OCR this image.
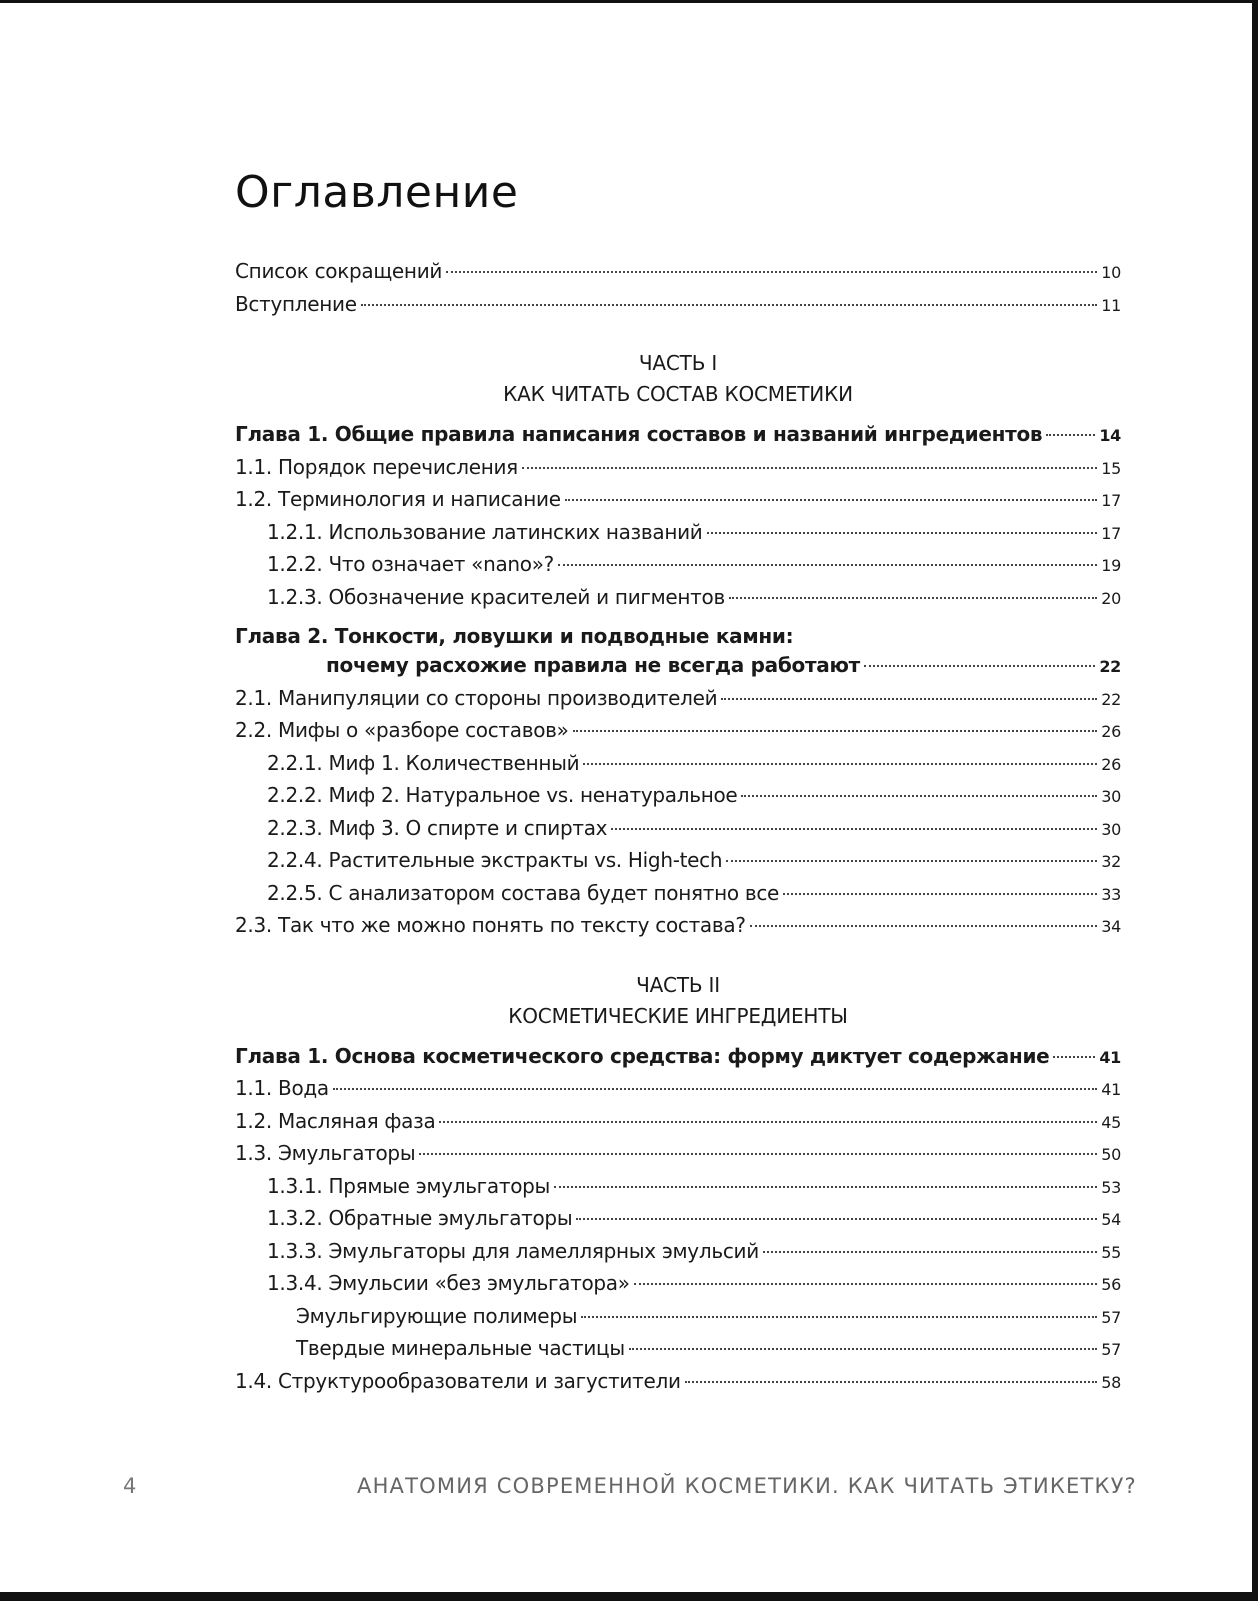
Оглавление
Список сокращений	10
Вступление	11
ЧАСТЬ I
КАК ЧИТАТЬ СОСТАВ КОСМЕТИКИ
Глава 1. Общие правила написания составов и названий ингредиентов	14
1.1. Порядок перечисления	15
1.2. Терминология и написание	17
1.2.1. Использование латинских названий	17
1.2.2. Что означает «nano»?	19
1.2.3. Обозначение красителей и пигментов	20
Глава 2. Тонкости, ловушки и подводные камни:
почему расхожие правила не всегда работают	22
2.1. Манипуляции со стороны производителей	22
2.2. Мифы о «разборе составов»	26
2.2.1. Миф 1. Количественный	26
2.2.2. Миф 2. Натуральное vs. ненатуральное	30
2.2.3. Миф 3. О спирте и спиртах	30
2.2.4. Растительные экстракты vs. High-tech	32
2.2.5. С анализатором состава будет понятно все	33
2.3. Так что же можно понять по тексту состава?	34
ЧАСТЬ II
КОСМЕТИЧЕСКИЕ ИНГРЕДИЕНТЫ
Глава 1. Основа косметического средства: форму диктует содержание	41
1.1. Вода	41
1.2. Масляная фаза	45
1.3. Эмульгаторы	50
1.3.1. Прямые эмульгаторы	53
1.3.2. Обратные эмульгаторы	54
1.3.3. Эмульгаторы для ламеллярных эмульсий	55
1.3.4. Эмульсии «без эмульгатора»	56
Эмульгирующие полимеры	57
Твердые минеральные частицы	57
1.4. Структурообразователи и загустители	58
4	АНАТОМИЯ СОВРЕМЕННОЙ КОСМЕТИКИ. КАК ЧИТАТЬ ЭТИКЕТКУ?
